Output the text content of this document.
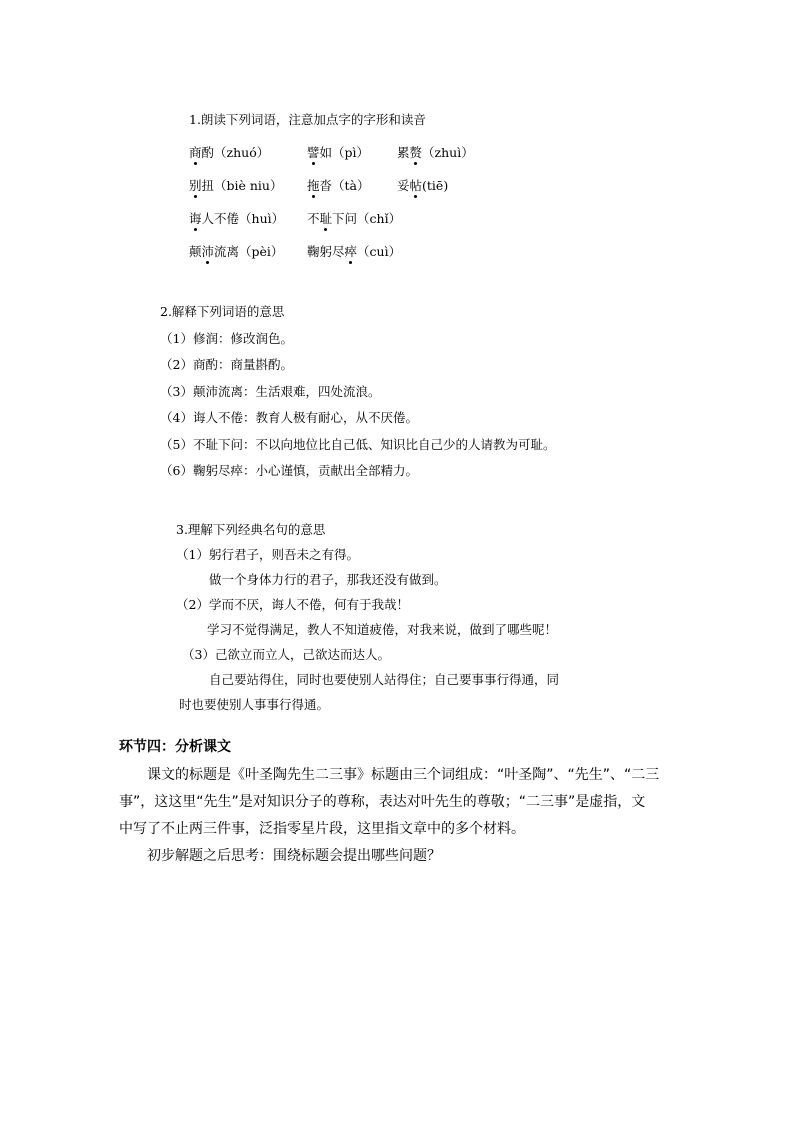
1.朗读下列词语，注意加点字的字形和读音
商酌（zhuó）	譬如（pì） 累赘（zhuì）
别扭（biè niu） 拖沓（tà） 妥帖(tiē)
诲人不倦（huì） 不耻下问（chǐ）
颠沛流离（pèi） 鞠躬尽瘁（cuì）
2.解释下列词语的意思
（1）修润：修改润色。
（2）商酌：商量斟酌。
（3）颠沛流离：生活艰难，四处流浪。
（4）诲人不倦：教育人极有耐心，从不厌倦。
（5）不耻下问：不以向地位比自己低、知识比自己少的人请教为可耻。
（6）鞠躬尽瘁：小心谨慎，贡献出全部精力。
3.理解下列经典名句的意思
（1）躬行君子，则吾未之有得。
做一个身体力行的君子，那我还没有做到。
（2）学而不厌，诲人不倦，何有于我哉！
学习不觉得满足，教人不知道疲倦，对我来说，做到了哪些呢！
（3）己欲立而立人，己欲达而达人。
自己要站得住，同时也要使别人站得住；自己要事事行得通，同
时也要使别人事事行得通。
环节四：分析课文
课文的标题是《叶圣陶先生二三事》标题由三个词组成：“叶圣陶”、“先生”、“二三
事”，这这里“先生”是对知识分子的尊称，表达对叶先生的尊敬；“二三事”是虚指，文
中写了不止两三件事，泛指零星片段，这里指文章中的多个材料。
初步解题之后思考：围绕标题会提出哪些问题？
